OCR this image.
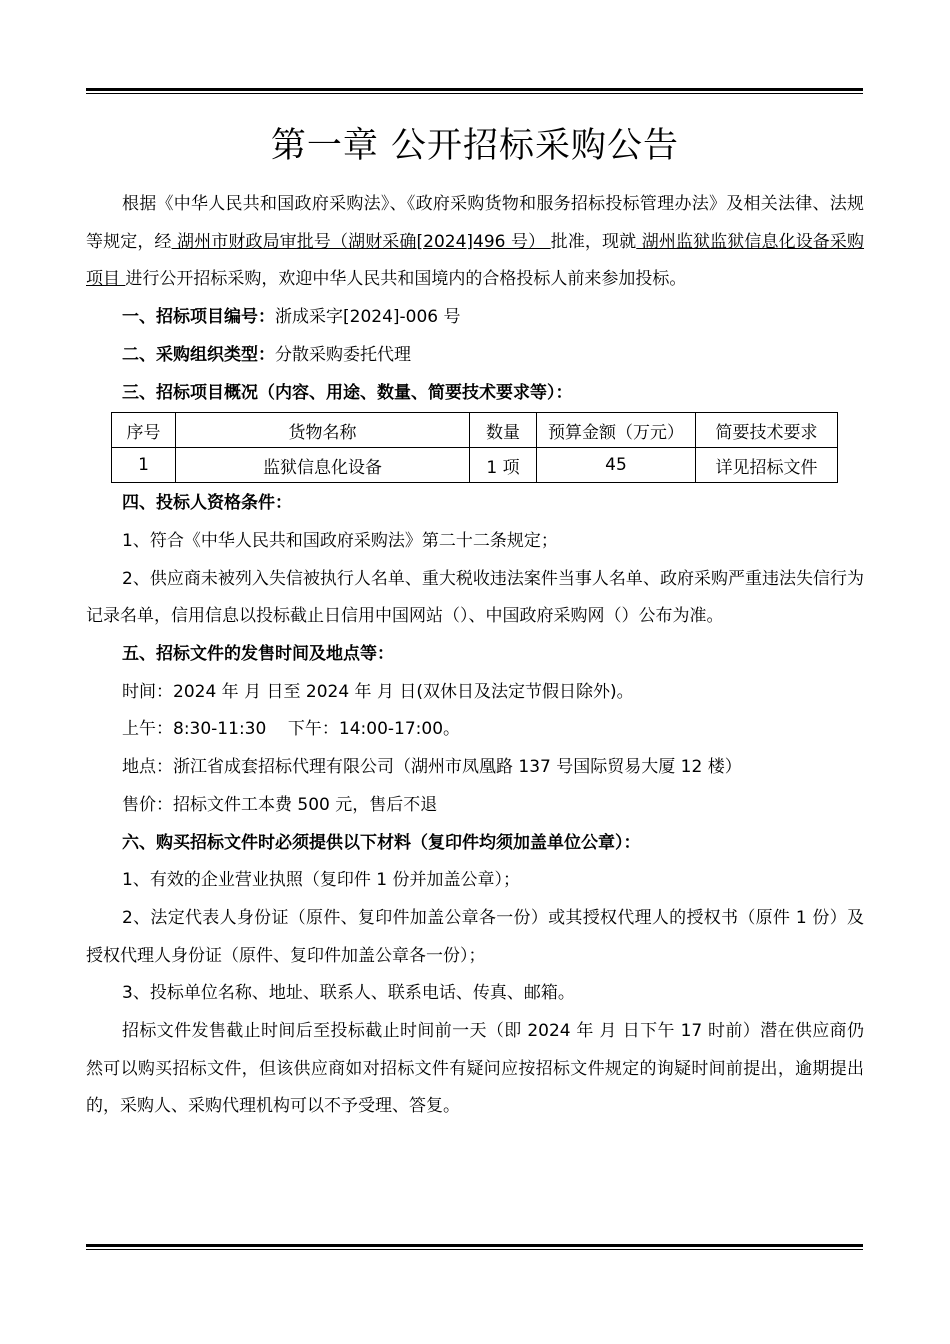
第一章 公开招标采购公告

根据《中华人民共和国政府采购法》、《政府采购货物和服务招标投标管理办法》及相关法律、法规等规定，经 湖州市财政局审批号（湖财采确[2024]496 号） 批准，现就 湖州监狱监狱信息化设备采购项目 进行公开招标采购，欢迎中华人民共和国境内的合格投标人前来参加投标。

一、招标项目编号：浙成采字[2024]-006 号

二、采购组织类型：分散采购委托代理

三、招标项目概况（内容、用途、数量、简要技术要求等）：

序号	货物名称	数量	预算金额（万元）	简要技术要求
1	监狱信息化设备	1 项	45	详见招标文件

四、投标人资格条件：

1、符合《中华人民共和国政府采购法》第二十二条规定；

2、供应商未被列入失信被执行人名单、重大税收违法案件当事人名单、政府采购严重违法失信行为记录名单，信用信息以投标截止日信用中国网站（）、中国政府采购网（）公布为准。

五、招标文件的发售时间及地点等：

时间：2024 年 月 日至 2024 年 月 日(双休日及法定节假日除外)。

上午：8:30-11:30    下午：14:00-17:00。

地点：浙江省成套招标代理有限公司（湖州市凤凰路 137 号国际贸易大厦 12 楼）

售价：招标文件工本费 500 元，售后不退

六、购买招标文件时必须提供以下材料（复印件均须加盖单位公章）：

1、有效的企业营业执照（复印件 1 份并加盖公章）；

2、法定代表人身份证（原件、复印件加盖公章各一份）或其授权代理人的授权书（原件 1 份）及授权代理人身份证（原件、复印件加盖公章各一份）；

3、投标单位名称、地址、联系人、联系电话、传真、邮箱。

招标文件发售截止时间后至投标截止时间前一天（即 2024 年 月 日下午 17 时前）潜在供应商仍然可以购买招标文件，但该供应商如对招标文件有疑问应按招标文件规定的询疑时间前提出，逾期提出的，采购人、采购代理机构可以不予受理、答复。
